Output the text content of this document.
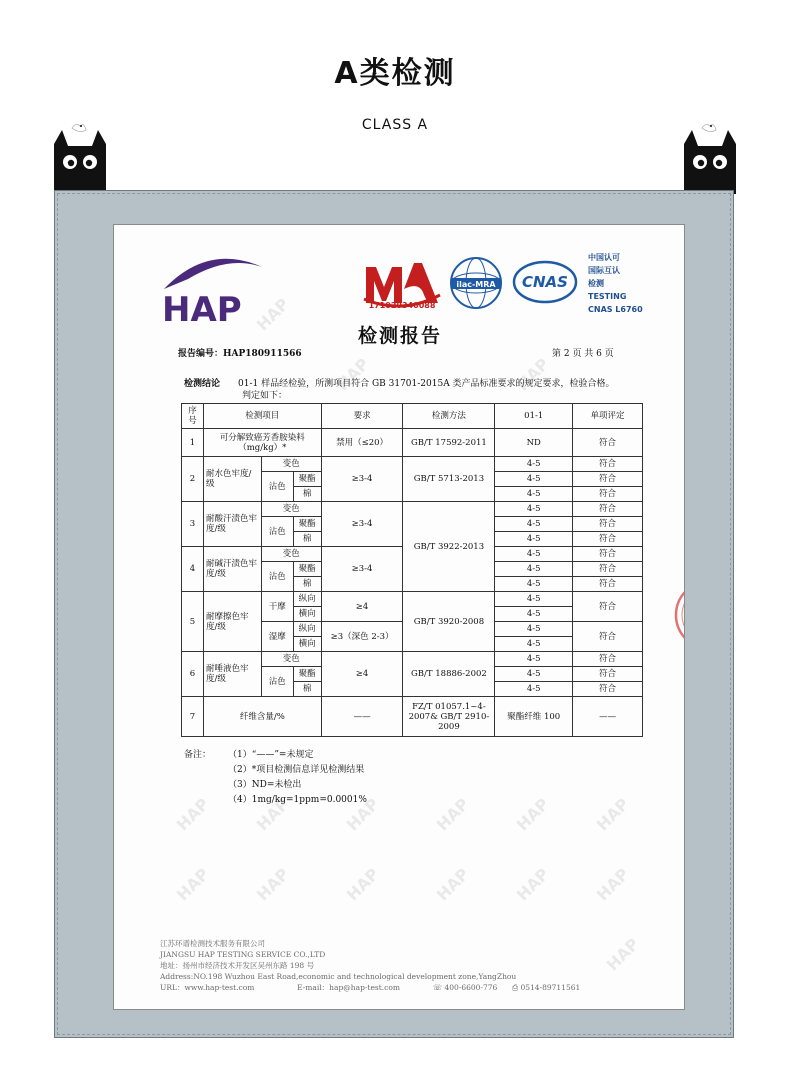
A类检测
CLASS A
HAP
HAP	HAP
HAP	HAP	HAP	HAP	HAP	HAP
HAP	HAP	HAP	HAP	HAP	HAP
HAP
HAP	171020340088
ilac-MRA CNAS
中国认可
国际互认
检测
TESTING
CNAS L6760
检测报告
报告编号：HAP180911566	第 2 页 共 6 页
检测结论 01-1 样品经检验，所测项目符合 GB 31701-2015A 类产品标准要求的规定要求，检验合格。
判定如下：
序号	检测项目			要求	检测方法	01-1	单项评定
1	可分解致癌芳香胺染料（mg/kg）*			禁用（≤20）	GB/T 17592-2011	ND	符合
2	耐水色牢度/级	变色		≥3-4	GB/T 5713-2013	4-5	符合
		沾色	聚酯			4-5	符合
			棉			4-5	符合
3	耐酸汗渍色牢度/级	变色		≥3-4	GB/T 3922-2013	4-5	符合
		沾色	聚酯			4-5	符合
			棉			4-5	符合
4	耐碱汗渍色牢度/级	变色		≥3-4		4-5	符合
		沾色	聚酯			4-5	符合
			棉			4-5	符合
5	耐摩擦色牢度/级	干摩	纵向	≥4	GB/T 3920-2008	4-5	符合
			横向			4-5	
		湿摩	纵向	≥3（深色 2-3）		4-5	符合
			横向			4-5	
6	耐唾液色牢度/级	变色		≥4	GB/T 18886-2002	4-5	符合
		沾色	聚酯			4-5	符合
			棉			4-5	符合
7	纤维含量/%			——	FZ/T 01057.1~4-2007& GB/T 2910-2009	聚酯纤维 100	——
备注： （1）“——”=未规定
（2）*项目检测信息详见检测结果
（3）ND=未检出
（4）1mg/kg=1ppm=0.0001%
江苏环谱检测技术服务有限公司
JIANGSU HAP TESTING SERVICE CO.,LTD
地址：扬州市经济技术开发区吴州东路 198 号
Address:NO.198 Wuzhou East Road,economic and technological development zone,YangZhou
URL：www.hap-test.com	E-mail：hap@hap-test.com	☏ 400-6600-776 ⎙ 0514-89711561
